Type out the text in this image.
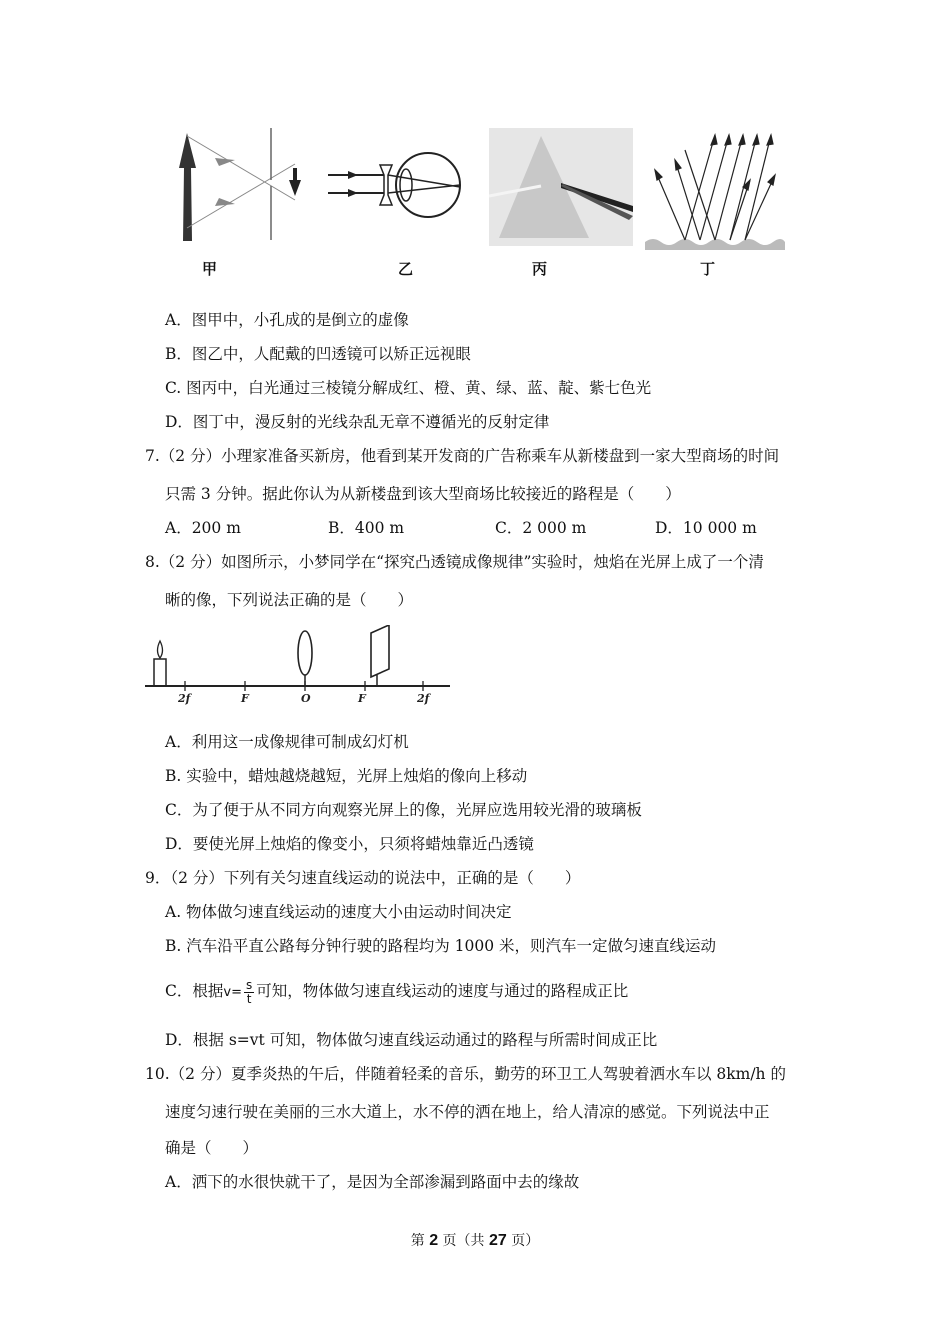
甲	乙	丙	丁
A．图甲中，小孔成的是倒立的虚像
B．图乙中，人配戴的凹透镜可以矫正远视眼
C. 图丙中，白光通过三棱镜分解成红、橙、黄、绿、蓝、靛、紫七色光
D．图丁中，漫反射的光线杂乱无章不遵循光的反射定律
7.（2 分）小理家准备买新房，他看到某开发商的广告称乘车从新楼盘到一家大型商场的时间
只需 3 分钟。据此你认为从新楼盘到该大型商场比较接近的路程是（　　）
A．200 m	B．400 m	C．2 000 m	D．10 000 m
8.（2 分）如图所示，小梦同学在“探究凸透镜成像规律”实验时，烛焰在光屏上成了一个清
晰的像，下列说法正确的是（　　）
2f	F	O	F	2f
A．利用这一成像规律可制成幻灯机
B. 实验中，蜡烛越烧越短，光屏上烛焰的像向上移动
C．为了便于从不同方向观察光屏上的像，光屏应选用较光滑的玻璃板
D．要使光屏上烛焰的像变小，只须将蜡烛靠近凸透镜
9．（2 分）下列有关匀速直线运动的说法中，正确的是（　　）
A. 物体做匀速直线运动的速度大小由运动时间决定
B. 汽车沿平直公路每分钟行驶的路程均为 1000 米，则汽车一定做匀速直线运动
C．根据$v= \frac{s}{t}$ 可知，物体做匀速直线运动的速度与通过的路程成正比
D．根据 s=vt 可知，物体做匀速直线运动通过的路程与所需时间成正比
10.（2 分）夏季炎热的午后，伴随着轻柔的音乐，勤劳的环卫工人驾驶着洒水车以 8km/h 的
速度匀速行驶在美丽的三水大道上，水不停的洒在地上，给人清凉的感觉。下列说法中正
确是（　　）
A．洒下的水很快就干了，是因为全部渗漏到路面中去的缘故
第 2 页（共 27 页）
